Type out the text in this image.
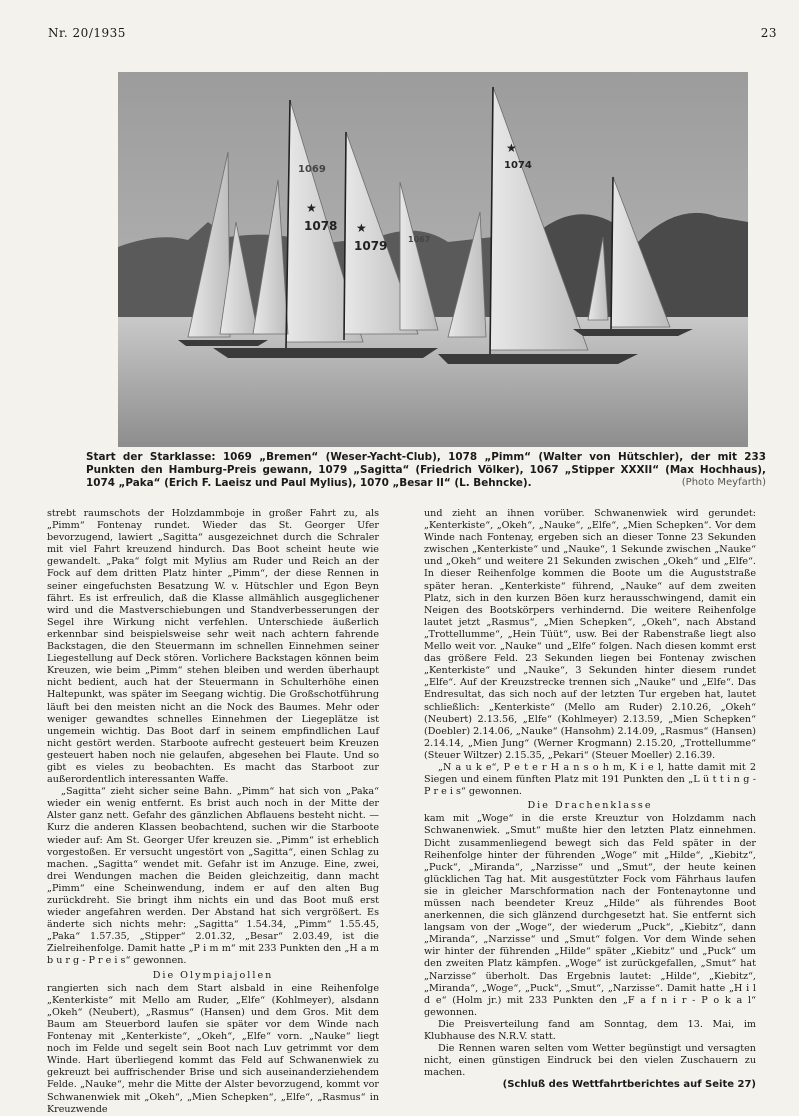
Nr. 20/1935	23
★
1078 ★
1079
★
1074
1069
1067
Start der Starklasse: 1069 „Bremen“ (Weser-Yacht-Club), 1078 „Pimm“ (Walter von Hütschler), der mit 233 Punkten den Hamburg-Preis gewann, 1079 „Sagitta“ (Friedrich Völker), 1067 „Stipper XXXII“ (Max Hochhaus), 1074 „Paka“ (Erich F. Laeisz und Paul Mylius), 1070 „Besar II“ (L. Behncke).	(Photo Meyfarth)

strebt raumschots der Holzdammboje in großer Fahrt zu, als „Pimm“ Fontenay rundet. Wieder das St. Georger Ufer bevorzugend, lawiert „Sagitta“ ausgezeichnet durch die Schraler mit viel Fahrt kreuzend hindurch. Das Boot scheint heute wie gewandelt. „Paka“ folgt mit Mylius am Ruder und Reich an der Fock auf dem dritten Platz hinter „Pimm“, der diese Rennen in seiner eingefuchsten Besatzung W. v. Hütschler und Egon Beyn fährt. Es ist erfreulich, daß die Klasse allmählich ausgeglichener wird und die Mastverschiebungen und Standverbesserungen der Segel ihre Wirkung nicht verfehlen. Unterschiede äußerlich erkennbar sind beispielsweise sehr weit nach achtern fahrende Backstagen, die den Steuermann im schnellen Einnehmen seiner Liegestellung auf Deck stören. Vorlichere Backstagen können beim Kreuzen, wie beim „Pimm“ stehen bleiben und werden überhaupt nicht bedient, auch hat der Steuermann in Schulterhöhe einen Haltepunkt, was später im Seegang wichtig. Die Großschotführung läuft bei den meisten nicht an die Nock des Baumes. Mehr oder weniger gewandtes schnelles Einnehmen der Liegeplätze ist ungemein wichtig. Das Boot darf in seinem empfindlichen Lauf nicht gestört werden. Starboote aufrecht gesteuert beim Kreuzen gesteuert haben noch nie gelaufen, abgesehen bei Flaute. Und so gibt es vieles zu beobachten. Es macht das Starboot zur außerordentlich interessanten Waffe.

„Sagitta“ zieht sicher seine Bahn. „Pimm“ hat sich von „Paka“ wieder ein wenig entfernt. Es brist auch noch in der Mitte der Alster ganz nett. Gefahr des gänzlichen Abflauens besteht nicht. — Kurz die anderen Klassen beobachtend, suchen wir die Starboote wieder auf: Am St. Georger Ufer kreuzen sie. „Pimm“ ist erheblich vorgestoßen. Er versucht ungestört von „Sagitta“, einen Schlag zu machen. „Sagitta“ wendet mit. Gefahr ist im Anzuge. Eine, zwei, drei Wendungen machen die Beiden gleichzeitig, dann macht „Pimm“ eine Scheinwendung, indem er auf den alten Bug zurückdreht. Sie bringt ihm nichts ein und das Boot muß erst wieder angefahren werden. Der Abstand hat sich vergrößert. Es änderte sich nichts mehr: „Sagitta“ 1.54.34, „Pimm“ 1.55.45, „Paka“ 1.57.35, „Stipper“ 2.01.32, „Besar“ 2.03.49, ist die Zielreihenfolge. Damit hatte „P i m m“ mit 233 Punkten den „H a m b u r g - P r e i s“ gewonnen.

Die Olympiajollen

rangierten sich nach dem Start alsbald in eine Reihenfolge „Kenterkiste“ mit Mello am Ruder, „Elfe“ (Kohlmeyer), alsdann „Okeh“ (Neubert), „Rasmus“ (Hansen) und dem Gros. Mit dem Baum am Steuerbord laufen sie später vor dem Winde nach Fontenay mit „Kenterkiste“, „Okeh“, „Elfe“ vorn. „Nauke“ liegt noch im Felde und segelt sein Boot nach Luv getrimmt vor dem Winde. Hart überliegend kommt das Feld auf Schwanenwiek zu gekreuzt bei auffrischender Brise und sich auseinanderziehendem Felde. „Nauke“, mehr die Mitte der Alster bevorzugend, kommt vor Schwanenwiek mit „Okeh“, „Mien Schepken“, „Elfe“, „Rasmus“ in Kreuzwende

und zieht an ihnen vorüber. Schwanenwiek wird gerundet: „Kenterkiste“, „Okeh“, „Nauke“, „Elfe“, „Mien Schepken“. Vor dem Winde nach Fontenay, ergeben sich an dieser Tonne 23 Sekunden zwischen „Kenterkiste“ und „Nauke“, 1 Sekunde zwischen „Nauke“ und „Okeh“ und weitere 21 Sekunden zwischen „Okeh“ und „Elfe“. In dieser Reihenfolge kommen die Boote um die Auguststraße später heran. „Kenterkiste“ führend, „Nauke“ auf dem zweiten Platz, sich in den kurzen Böen kurz herausschwingend, damit ein Neigen des Bootskörpers verhindernd. Die weitere Reihenfolge lautet jetzt „Rasmus“, „Mien Schepken“, „Okeh“, nach Abstand „Trottellumme“, „Hein Tüüt“, usw. Bei der Rabenstraße liegt also Mello weit vor. „Nauke“ und „Elfe“ folgen. Nach diesen kommt erst das größere Feld. 23 Sekunden liegen bei Fontenay zwischen „Kenterkiste“ und „Nauke“, 3 Sekunden hinter diesem rundet „Elfe“. Auf der Kreuzstrecke trennen sich „Nauke“ und „Elfe“. Das Endresultat, das sich noch auf der letzten Tur ergeben hat, lautet schließlich: „Kenterkiste“ (Mello am Ruder) 2.10.26, „Okeh“ (Neubert) 2.13.56, „Elfe“ (Kohlmeyer) 2.13.59, „Mien Schepken“ (Doebler) 2.14.06, „Nauke“ (Hansohm) 2.14.09, „Rasmus“ (Hansen) 2.14.14, „Mien Jung“ (Werner Krogmann) 2.15.20, „Trottellumme“ (Steuer Wiltzer) 2.15.35, „Pekari“ (Steuer Moeller) 2.16.39.

„N a u k e“, P e t e r H a n s o h m, K i e l, hatte damit mit 2 Siegen und einem fünften Platz mit 191 Punkten den „L ü t t i n g - P r e i s“ gewonnen.

Die Drachenklasse

kam mit „Woge“ in die erste Kreuztur von Holzdamm nach Schwanenwiek. „Smut“ mußte hier den letzten Platz einnehmen. Dicht zusammenliegend bewegt sich das Feld später in der Reihenfolge hinter der führenden „Woge“ mit „Hilde“, „Kiebitz“, „Puck“, „Miranda“, „Narzisse“ und „Smut“, der heute keinen glücklichen Tag hat. Mit ausgestützter Fock vom Fährhaus laufen sie in gleicher Marschformation nach der Fontenaytonne und müssen nach beendeter Kreuz „Hilde“ als führendes Boot anerkennen, die sich glänzend durchgesetzt hat. Sie entfernt sich langsam von der „Woge“, der wiederum „Puck“, „Kiebitz“, dann „Miranda“, „Narzisse“ und „Smut“ folgen. Vor dem Winde sehen wir hinter der führenden „Hilde“ später „Kiebitz“ und „Puck“ um den zweiten Platz kämpfen. „Woge“ ist zurückgefallen, „Smut“ hat „Narzisse“ überholt. Das Ergebnis lautet: „Hilde“, „Kiebitz“, „Miranda“, „Woge“, „Puck“, „Smut“, „Narzisse“. Damit hatte „H i l d e“ (Holm jr.) mit 233 Punkten den „F a f n i r - P o k a l“ gewonnen.

Die Preisverteilung fand am Sonntag, dem 13. Mai, im Klubhause des N.R.V. statt.

Die Rennen waren selten vom Wetter begünstigt und versagten nicht, einen günstigen Eindruck bei den vielen Zuschauern zu machen.

(Schluß des Wettfahrtberichtes auf Seite 27)
